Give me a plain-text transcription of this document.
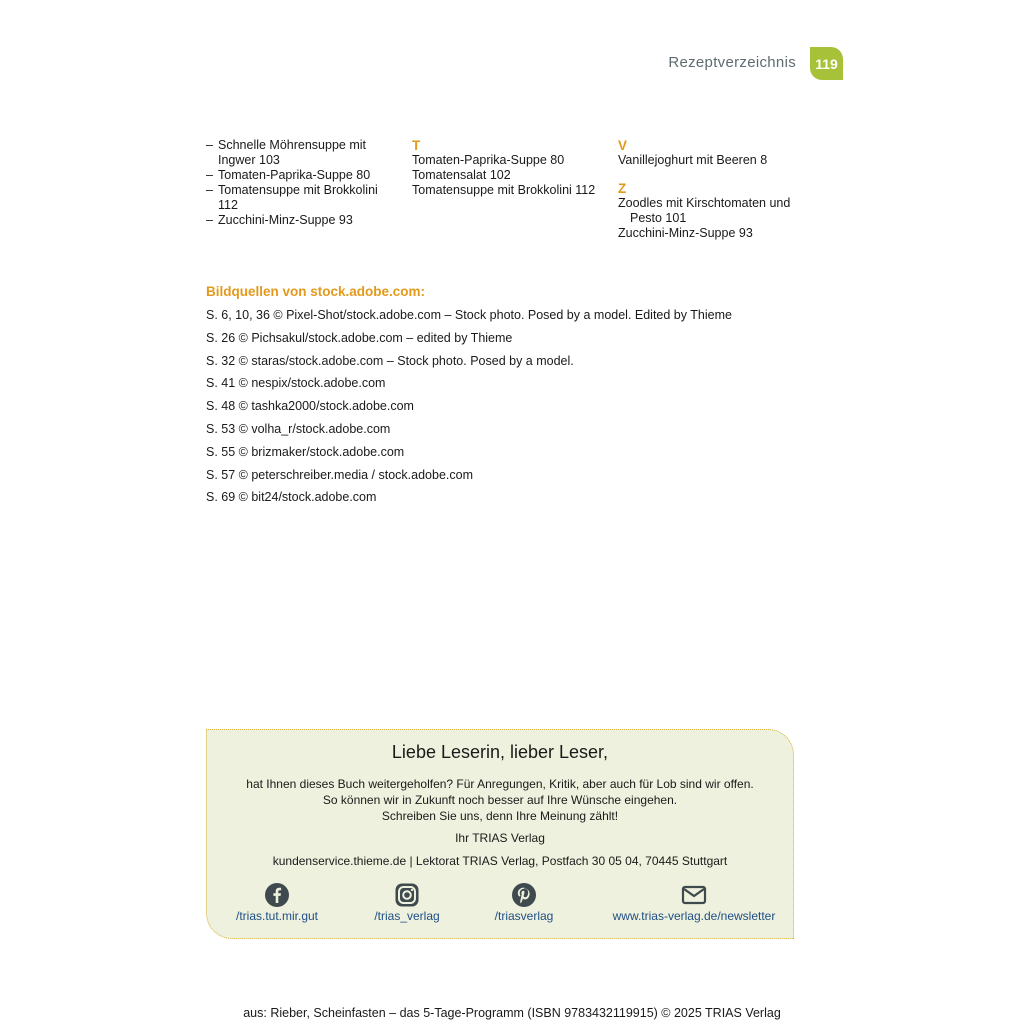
Rezeptverzeichnis	119
– Schnelle Möhrensuppe mit Ingwer 103
– Tomaten-Paprika-Suppe 80
– Tomatensuppe mit Brokkolini 112
– Zucchini-Minz-Suppe 93
T
Tomaten-Paprika-Suppe 80
Tomatensalat 102
Tomatensuppe mit Brokkolini 112
V
Vanillejoghurt mit Beeren 8
Z
Zoodles mit Kirschtomaten und Pesto 101
Zucchini-Minz-Suppe 93
Bildquellen von stock.adobe.com:
S. 6, 10, 36 © Pixel-Shot/stock.adobe.com – Stock photo. Posed by a model. Edited by Thieme
S. 26 © Pichsakul/stock.adobe.com – edited by Thieme
S. 32 © staras/stock.adobe.com – Stock photo. Posed by a model.
S. 41 © nespix/stock.adobe.com
S. 48 © tashka2000/stock.adobe.com
S. 53 © volha_r/stock.adobe.com
S. 55 © brizmaker/stock.adobe.com
S. 57 © peterschreiber.media / stock.adobe.com
S. 69 © bit24/stock.adobe.com
Liebe Leserin, lieber Leser,
hat Ihnen dieses Buch weitergeholfen? Für Anregungen, Kritik, aber auch für Lob sind wir offen.
So können wir in Zukunft noch besser auf Ihre Wünsche eingehen.
Schreiben Sie uns, denn Ihre Meinung zählt!
Ihr TRIAS Verlag
kundenservice.thieme.de | Lektorat TRIAS Verlag, Postfach 30 05 04, 70445 Stuttgart
/trias.tut.mir.gut	/trias_verlag	/triasverlag	www.trias-verlag.de/newsletter
aus: Rieber, Scheinfasten – das 5-Tage-Programm (ISBN 9783432119915) © 2025 TRIAS Verlag
